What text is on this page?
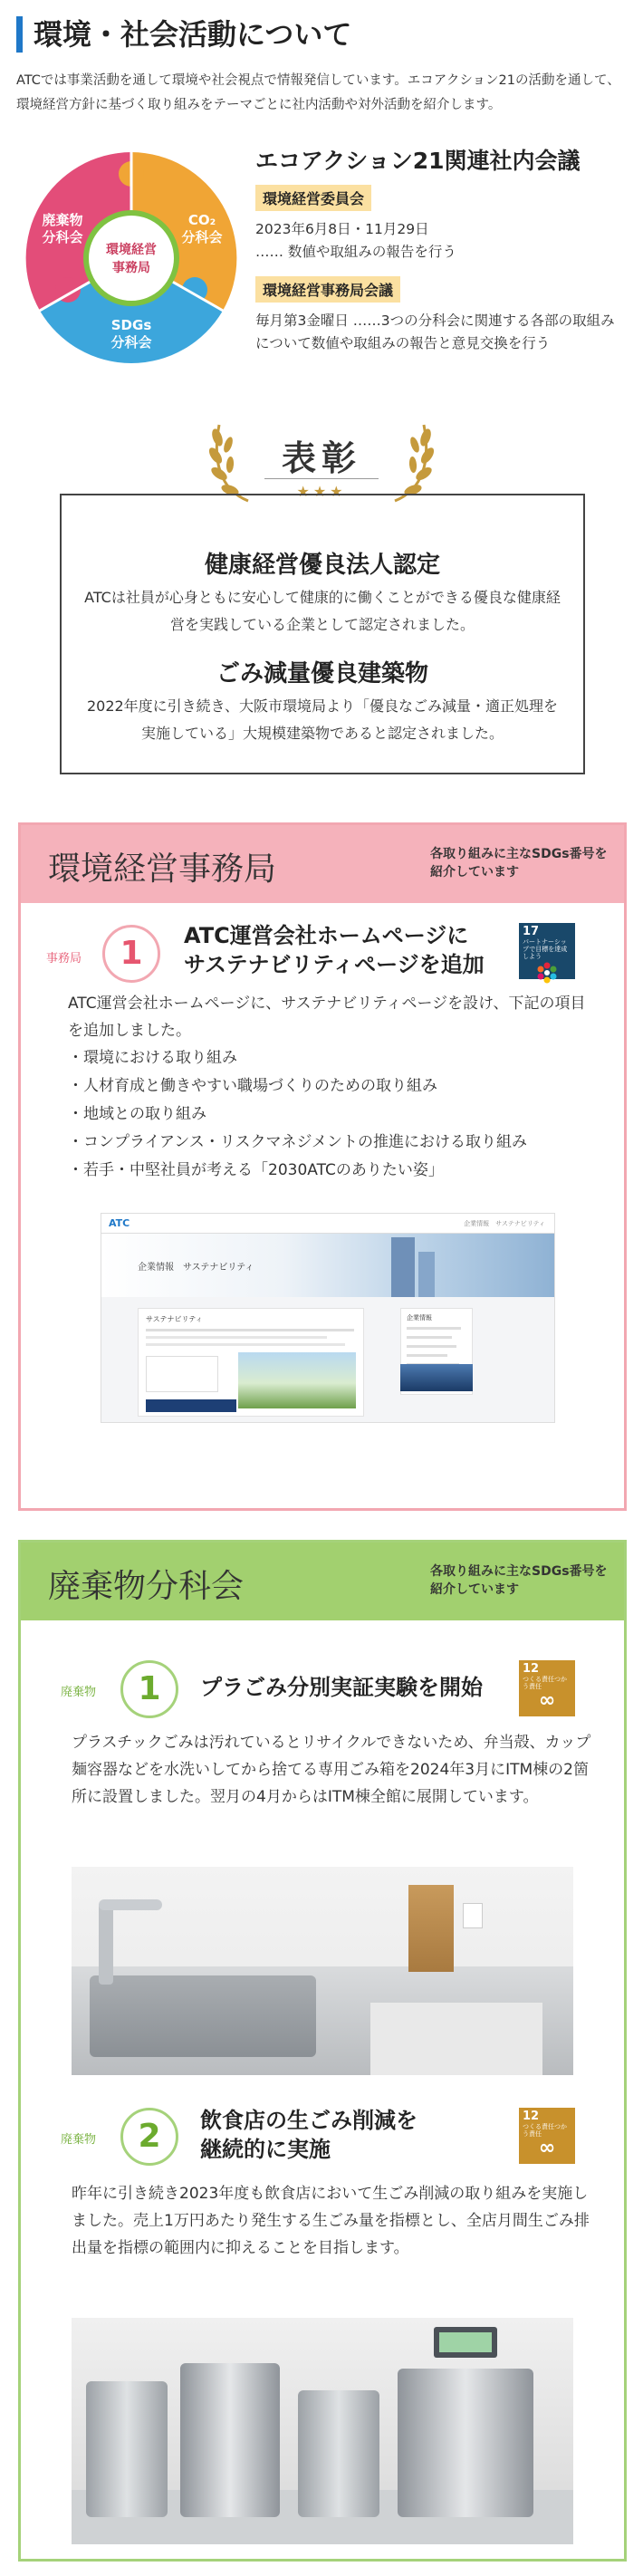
環境・社会活動について

ATCでは事業活動を通して環境や社会視点で情報発信しています。エコアクション21の活動を通して、環境経営方針に基づく取り組みをテーマごとに社内活動や対外活動を紹介します。

廃棄物
分科会
CO₂
分科会
SDGs
分科会
環境経営
事務局
エコアクション21関連社内会議
環境経営委員会

2023年6月8日・11月29日
…… 数値や取組みの報告を行う

環境経営事務局会議

毎月第3金曜日 ……3つの分科会に関連する各部の取組みについて数値や取組みの報告と意見交換を行う

表彰
★★★
健康経営優良法人認定

ATCは社員が心身ともに安心して健康的に働くことができる優良な健康経営を実践している企業として認定されました。

ごみ減量優良建築物

2022年度に引き続き、大阪市環境局より「優良なごみ減量・適正処理を実施している」大規模建築物であると認定されました。

環境経営事務局	各取り組みに主なSDGs番号を紹介しています
事務局	1	ATC運営会社ホームページに
サステナビリティページを追加
17
パートナーシップで目標を達成しよう

ATC運営会社ホームページに、サステナビリティページを設け、下記の項目を追加しました。

・環境における取り組み
・人材育成と働きやすい職場づくりのための取り組み
・地域との取り組み
・コンプライアンス・リスクマネジメントの推進における取り組み
・若手・中堅社員が考える「2030ATCのありたい姿」
ATC	企業情報　サステナビリティ
企業情報　サステナビリティ
サステナビリティ	企業情報
廃棄物分科会	各取り組みに主なSDGs番号を紹介しています
廃棄物	1	プラごみ分別実証実験を開始
12
つくる責任つかう責任
∞

プラスチックごみは汚れているとリサイクルできないため、弁当殻、カップ麺容器などを水洗いしてから捨てる専用ごみ箱を2024年3月にITM棟の2箇所に設置しました。翌月の4月からはITM棟全館に展開しています。

廃棄物	2	飲食店の生ごみ削減を
継続的に実施
12
つくる責任つかう責任
∞

昨年に引き続き2023年度も飲食店において生ごみ削減の取り組みを実施しました。売上1万円あたり発生する生ごみ量を指標とし、全店月間生ごみ排出量を指標の範囲内に抑えることを目指します。
